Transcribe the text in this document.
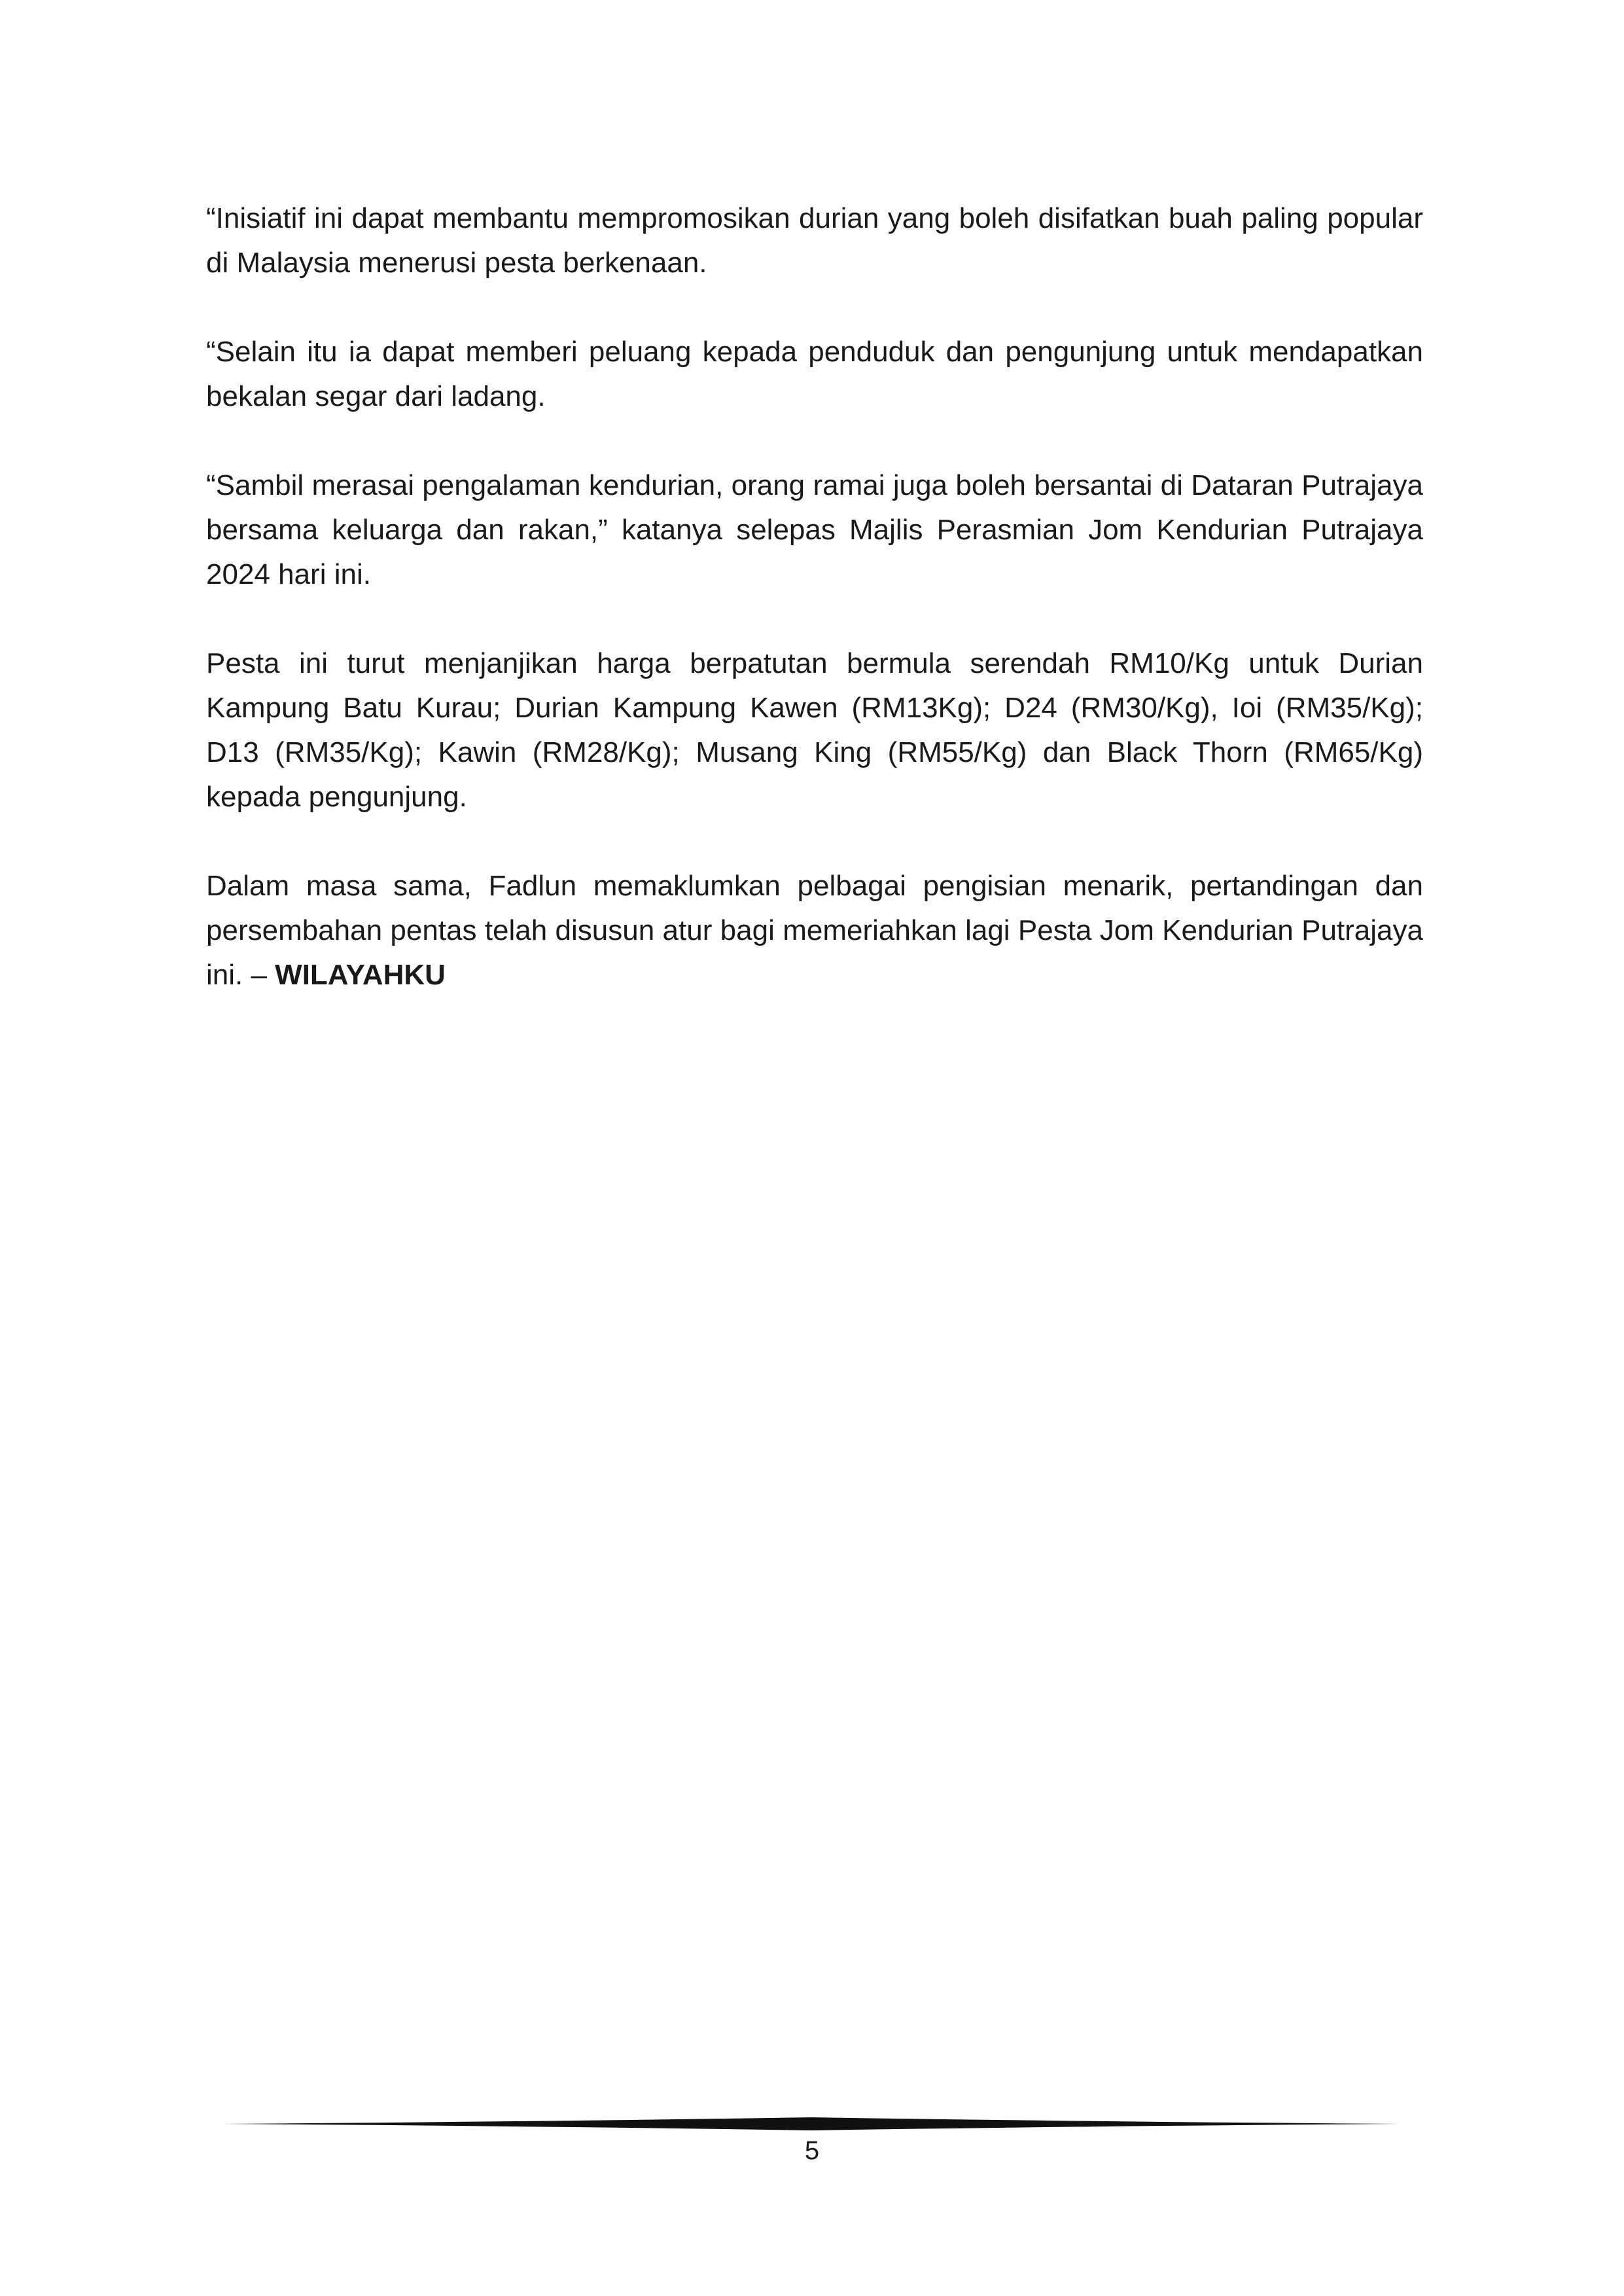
“Inisiatif ini dapat membantu mempromosikan durian yang boleh disifatkan buah paling popular di Malaysia menerusi pesta berkenaan.

“Selain itu ia dapat memberi peluang kepada penduduk dan pengunjung untuk mendapatkan bekalan segar dari ladang.

“Sambil merasai pengalaman kendurian, orang ramai juga boleh bersantai di Dataran Putrajaya bersama keluarga dan rakan,” katanya selepas Majlis Perasmian Jom Kendurian Putrajaya 2024 hari ini.

Pesta ini turut menjanjikan harga berpatutan bermula serendah RM10/Kg untuk Durian Kampung Batu Kurau; Durian Kampung Kawen (RM13Kg); D24 (RM30/Kg), Ioi (RM35/Kg); D13 (RM35/Kg); Kawin (RM28/Kg); Musang King (RM55/Kg) dan Black Thorn (RM65/Kg) kepada pengunjung.

Dalam masa sama, Fadlun memaklumkan pelbagai pengisian menarik, pertandingan dan persembahan pentas telah disusun atur bagi memeriahkan lagi Pesta Jom Kendurian Putrajaya ini. – WILAYAHKU

5
